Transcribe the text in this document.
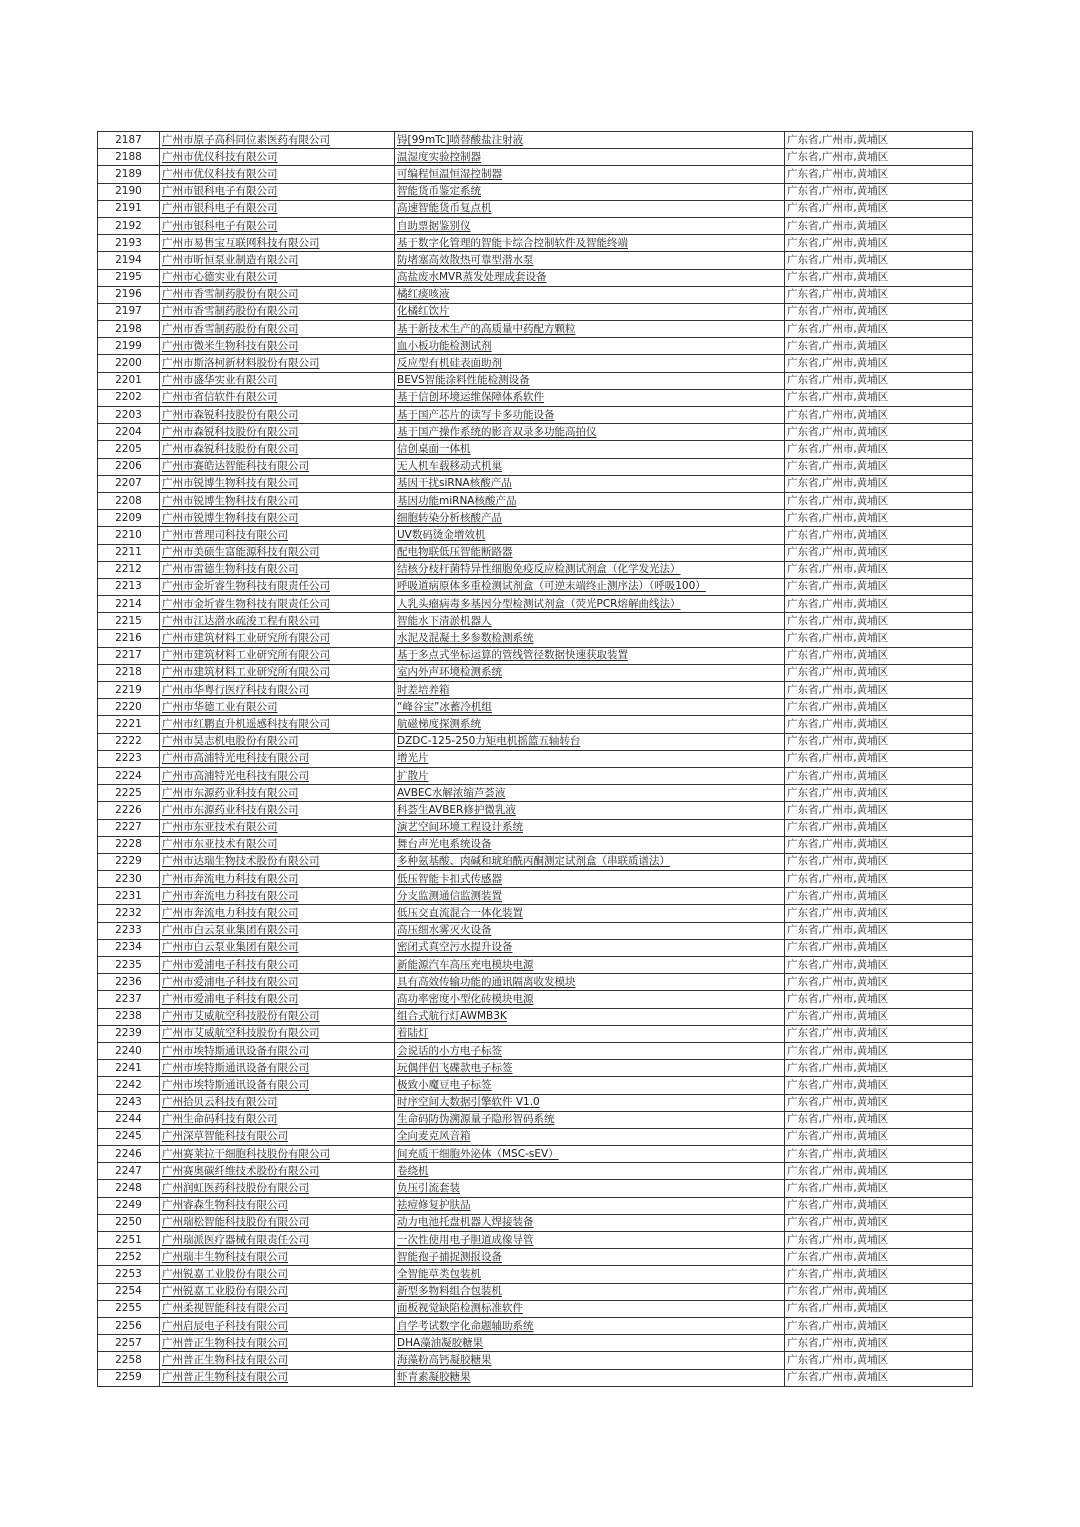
2187	广州市原子高科同位素医药有限公司	锝[99mTc]喷替酸盐注射液	广东省,广州市,黄埔区
2188	广州市优仪科技有限公司	温湿度实验控制器	广东省,广州市,黄埔区
2189	广州市优仪科技有限公司	可编程恒温恒湿控制器	广东省,广州市,黄埔区
2190	广州市银科电子有限公司	智能货币鉴定系统	广东省,广州市,黄埔区
2191	广州市银科电子有限公司	高速智能货币复点机	广东省,广州市,黄埔区
2192	广州市银科电子有限公司	自助票据鉴别仪	广东省,广州市,黄埔区
2193	广州市易售宝互联网科技有限公司	基于数字化管理的智能卡综合控制软件及智能终端	广东省,广州市,黄埔区
2194	广州市昕恒泵业制造有限公司	防堵塞高效散热可靠型潜水泵	广东省,广州市,黄埔区
2195	广州市心德实业有限公司	高盐废水MVR蒸发处理成套设备	广东省,广州市,黄埔区
2196	广州市香雪制药股份有限公司	橘红痰咳液	广东省,广州市,黄埔区
2197	广州市香雪制药股份有限公司	化橘红饮片	广东省,广州市,黄埔区
2198	广州市香雪制药股份有限公司	基于新技术生产的高质量中药配方颗粒	广东省,广州市,黄埔区
2199	广州市微米生物科技有限公司	血小板功能检测试剂	广东省,广州市,黄埔区
2200	广州市斯洛柯新材料股份有限公司	反应型有机硅表面助剂	广东省,广州市,黄埔区
2201	广州市盛华实业有限公司	BEVS智能涂料性能检测设备	广东省,广州市,黄埔区
2202	广州市省信软件有限公司	基于信创环境运维保障体系软件	广东省,广州市,黄埔区
2203	广州市森锐科技股份有限公司	基于国产芯片的读写卡多功能设备	广东省,广州市,黄埔区
2204	广州市森锐科技股份有限公司	基于国产操作系统的影音双录多功能高拍仪	广东省,广州市,黄埔区
2205	广州市森锐科技股份有限公司	信创桌面一体机	广东省,广州市,黄埔区
2206	广州市赛皓达智能科技有限公司	无人机车载移动式机巢	广东省,广州市,黄埔区
2207	广州市锐博生物科技有限公司	基因干扰siRNA核酸产品	广东省,广州市,黄埔区
2208	广州市锐博生物科技有限公司	基因功能miRNA核酸产品	广东省,广州市,黄埔区
2209	广州市锐博生物科技有限公司	细胞转染分析核酸产品	广东省,广州市,黄埔区
2210	广州市普理司科技有限公司	UV数码烫金增效机	广东省,广州市,黄埔区
2211	广州市美硕生富能源科技有限公司	配电物联低压智能断路器	广东省,广州市,黄埔区
2212	广州市雷德生物科技有限公司	结核分枝杆菌特异性细胞免疫反应检测试剂盒（化学发光法）	广东省,广州市,黄埔区
2213	广州市金圻睿生物科技有限责任公司	呼吸道病原体多重检测试剂盒（可逆末端终止测序法）（呼吸100）	广东省,广州市,黄埔区
2214	广州市金圻睿生物科技有限责任公司	人乳头瘤病毒多基因分型检测试剂盒（荧光PCR熔解曲线法）	广东省,广州市,黄埔区
2215	广州市江达潜水疏浚工程有限公司	智能水下清淤机器人	广东省,广州市,黄埔区
2216	广州市建筑材料工业研究所有限公司	水泥及混凝土多参数检测系统	广东省,广州市,黄埔区
2217	广州市建筑材料工业研究所有限公司	基于多点式坐标运算的管线管径数据快速获取装置	广东省,广州市,黄埔区
2218	广州市建筑材料工业研究所有限公司	室内外声环境检测系统	广东省,广州市,黄埔区
2219	广州市华粤行医疗科技有限公司	时差培养箱	广东省,广州市,黄埔区
2220	广州市华德工业有限公司	“峰谷宝”冰蓄冷机组	广东省,广州市,黄埔区
2221	广州市红鹏直升机遥感科技有限公司	航磁梯度探测系统	广东省,广州市,黄埔区
2222	广州市昊志机电股份有限公司	DZDC-125-250力矩电机摇篮五轴转台	广东省,广州市,黄埔区
2223	广州市高浦特光电科技有限公司	增光片	广东省,广州市,黄埔区
2224	广州市高浦特光电科技有限公司	扩散片	广东省,广州市,黄埔区
2225	广州市东源药业科技有限公司	AVBEC水解浓缩芦荟液	广东省,广州市,黄埔区
2226	广州市东源药业科技有限公司	科荟生AVBER修护微乳液	广东省,广州市,黄埔区
2227	广州市东亚技术有限公司	演艺空间环境工程设计系统	广东省,广州市,黄埔区
2228	广州市东亚技术有限公司	舞台声光电系统设备	广东省,广州市,黄埔区
2229	广州市达瑞生物技术股份有限公司	多种氨基酸、肉碱和琥珀酰丙酮测定试剂盒（串联质谱法）	广东省,广州市,黄埔区
2230	广州市奔流电力科技有限公司	低压智能卡扣式传感器	广东省,广州市,黄埔区
2231	广州市奔流电力科技有限公司	分支监测通信监测装置	广东省,广州市,黄埔区
2232	广州市奔流电力科技有限公司	低压交直流混合一体化装置	广东省,广州市,黄埔区
2233	广州市白云泵业集团有限公司	高压细水雾灭火设备	广东省,广州市,黄埔区
2234	广州市白云泵业集团有限公司	密闭式真空污水提升设备	广东省,广州市,黄埔区
2235	广州市爱浦电子科技有限公司	新能源汽车高压充电模块电源	广东省,广州市,黄埔区
2236	广州市爱浦电子科技有限公司	具有高效传输功能的通讯隔离收发模块	广东省,广州市,黄埔区
2237	广州市爱浦电子科技有限公司	高功率密度小型化砖模块电源	广东省,广州市,黄埔区
2238	广州市艾威航空科技股份有限公司	组合式航行灯AWMB3K	广东省,广州市,黄埔区
2239	广州市艾威航空科技股份有限公司	着陆灯	广东省,广州市,黄埔区
2240	广州市埃特斯通讯设备有限公司	会说话的小方电子标签	广东省,广州市,黄埔区
2241	广州市埃特斯通讯设备有限公司	玩偶伴侣飞碟款电子标签	广东省,广州市,黄埔区
2242	广州市埃特斯通讯设备有限公司	极致小魔豆电子标签	广东省,广州市,黄埔区
2243	广州拾贝云科技有限公司	时序空间大数据引擎软件 V1.0	广东省,广州市,黄埔区
2244	广州生命码科技有限公司	生命码防伪溯源量子隐形智码系统	广东省,广州市,黄埔区
2245	广州深草智能科技有限公司	全向麦克风音箱	广东省,广州市,黄埔区
2246	广州赛莱拉干细胞科技股份有限公司	间充质干细胞外泌体（MSC-sEV）	广东省,广州市,黄埔区
2247	广州赛奥碳纤维技术股份有限公司	卷绕机	广东省,广州市,黄埔区
2248	广州润虹医药科技股份有限公司	负压引流套装	广东省,广州市,黄埔区
2249	广州睿森生物科技有限公司	祛痘修复护肤品	广东省,广州市,黄埔区
2250	广州瑞松智能科技股份有限公司	动力电池托盘机器人焊接装备	广东省,广州市,黄埔区
2251	广州瑞派医疗器械有限责任公司	一次性使用电子胆道成像导管	广东省,广州市,黄埔区
2252	广州瑞丰生物科技有限公司	智能孢子捕捉测报设备	广东省,广州市,黄埔区
2253	广州锐嘉工业股份有限公司	全智能草类包装机	广东省,广州市,黄埔区
2254	广州锐嘉工业股份有限公司	新型多物料组合包装机	广东省,广州市,黄埔区
2255	广州柔视智能科技有限公司	面板视觉缺陷检测标准软件	广东省,广州市,黄埔区
2256	广州启辰电子科技有限公司	自学考试数字化命题辅助系统	广东省,广州市,黄埔区
2257	广州普正生物科技有限公司	DHA藻油凝胶糖果	广东省,广州市,黄埔区
2258	广州普正生物科技有限公司	海藻粉高钙凝胶糖果	广东省,广州市,黄埔区
2259	广州普正生物科技有限公司	虾青素凝胶糖果	广东省,广州市,黄埔区
